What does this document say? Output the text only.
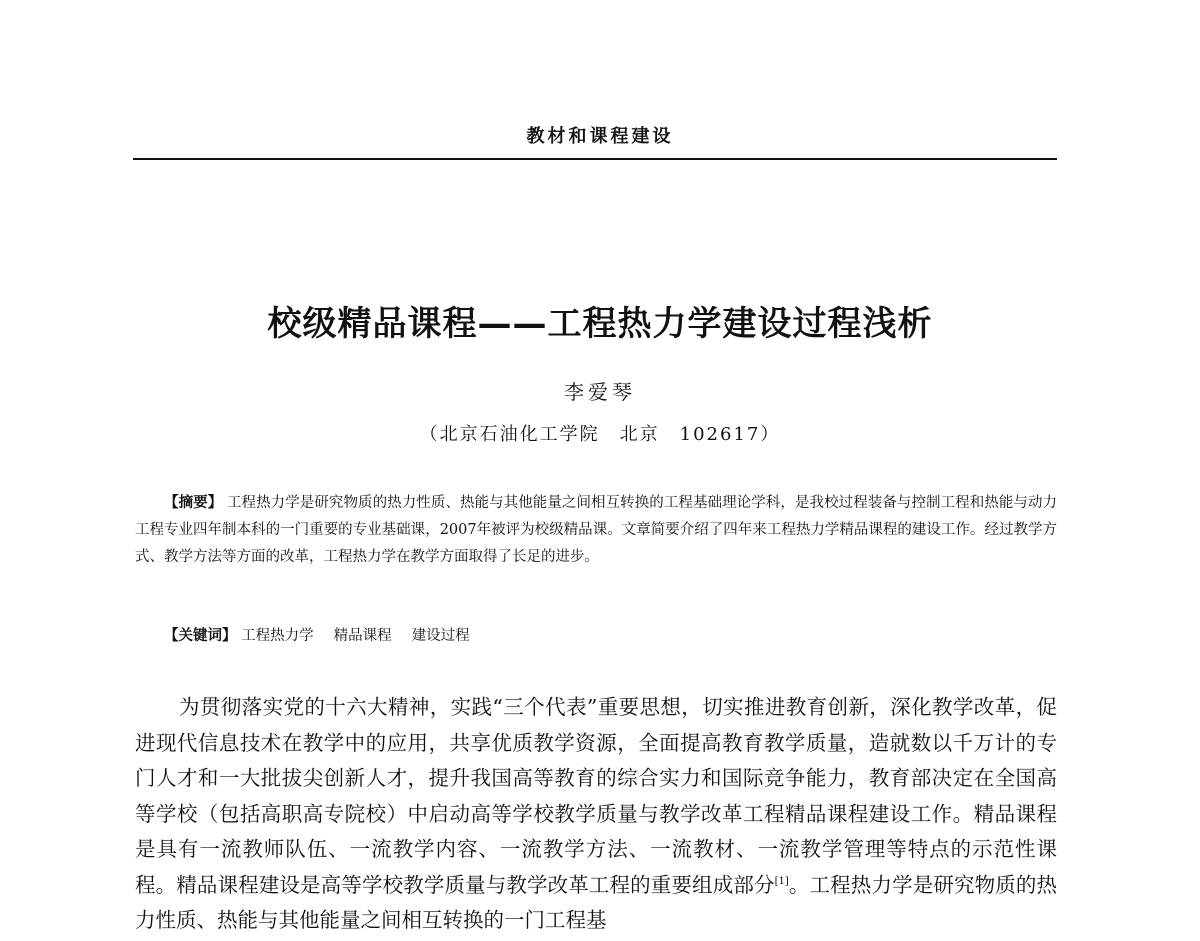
教材和课程建设
校级精品课程——工程热力学建设过程浅析
李爱琴
（北京石油化工学院　北京　102617）

【摘要】 工程热力学是研究物质的热力性质、热能与其他能量之间相互转换的工程基础理论学科，是我校过程装备与控制工程和热能与动力工程专业四年制本科的一门重要的专业基础课，2007年被评为校级精品课。文章简要介绍了四年来工程热力学精品课程的建设工作。经过教学方式、教学方法等方面的改革，工程热力学在教学方面取得了长足的进步。

【关键词】 工程热力学 精品课程 建设过程

为贯彻落实党的十六大精神，实践“三个代表”重要思想，切实推进教育创新，深化教学改革，促进现代信息技术在教学中的应用，共享优质教学资源，全面提高教育教学质量，造就数以千万计的专门人才和一大批拔尖创新人才，提升我国高等教育的综合实力和国际竞争能力，教育部决定在全国高等学校（包括高职高专院校）中启动高等学校教学质量与教学改革工程精品课程建设工作。精品课程是具有一流教师队伍、一流教学内容、一流教学方法、一流教材、一流教学管理等特点的示范性课程。精品课程建设是高等学校教学质量与教学改革工程的重要组成部分[1]。工程热力学是研究物质的热力性质、热能与其他能量之间相互转换的一门工程基
